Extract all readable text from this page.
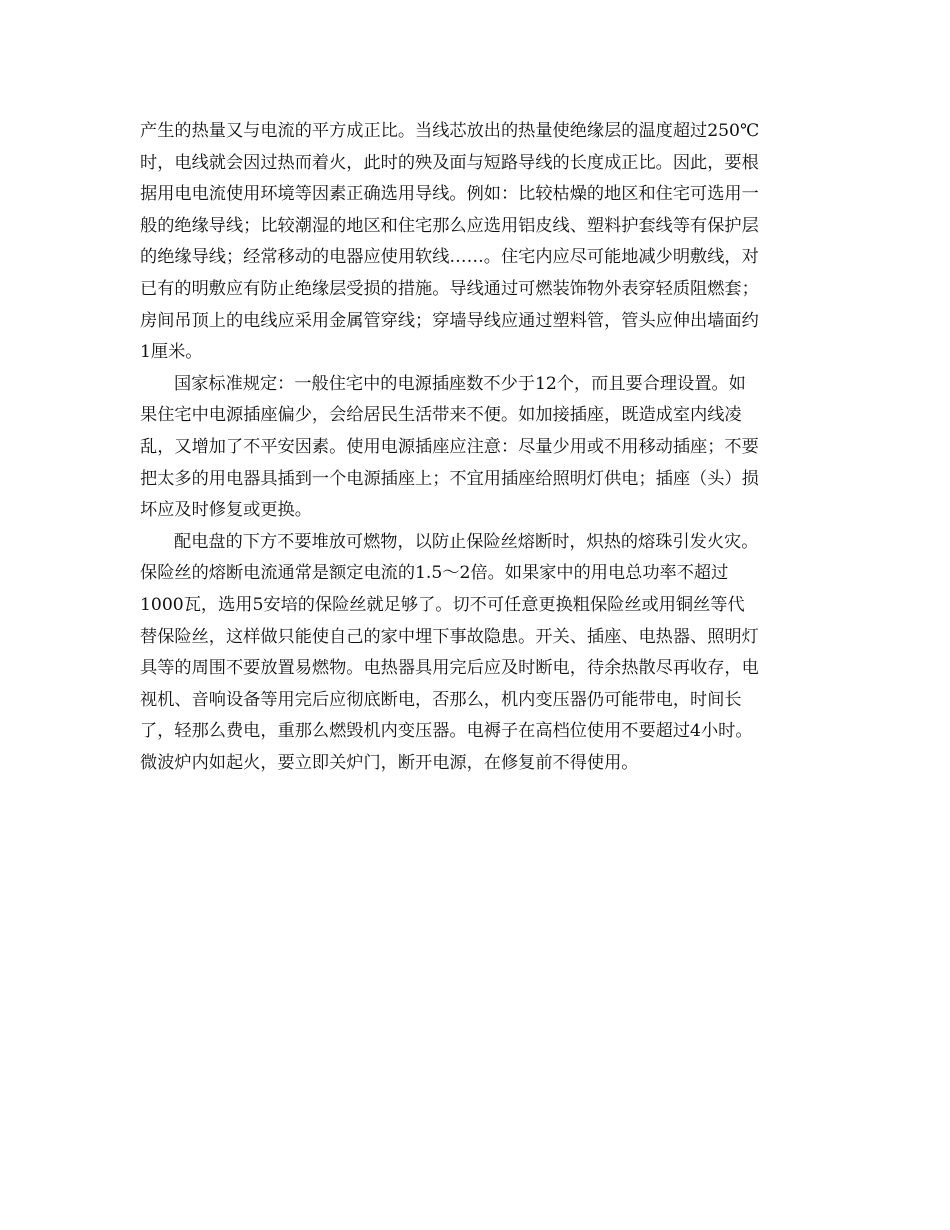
产生的热量又与电流的平方成正比。当线芯放出的热量使绝缘层的温度超过250℃
时，电线就会因过热而着火，此时的殃及面与短路导线的长度成正比。因此，要根
据用电电流使用环境等因素正确选用导线。例如：比较枯燥的地区和住宅可选用一
般的绝缘导线；比较潮湿的地区和住宅那么应选用铝皮线、塑料护套线等有保护层
的绝缘导线；经常移动的电器应使用软线……。住宅内应尽可能地减少明敷线，对
已有的明敷应有防止绝缘层受损的措施。导线通过可燃装饰物外表穿轻质阻燃套；
房间吊顶上的电线应采用金属管穿线；穿墙导线应通过塑料管，管头应伸出墙面约
1厘米。
国家标准规定：一般住宅中的电源插座数不少于12个，而且要合理设置。如
果住宅中电源插座偏少，会给居民生活带来不便。如加接插座，既造成室内线凌
乱，又增加了不平安因素。使用电源插座应注意：尽量少用或不用移动插座；不要
把太多的用电器具插到一个电源插座上；不宜用插座给照明灯供电；插座（头）损
坏应及时修复或更换。
配电盘的下方不要堆放可燃物，以防止保险丝熔断时，炽热的熔珠引发火灾。
保险丝的熔断电流通常是额定电流的1.5～2倍。如果家中的用电总功率不超过
1000瓦，选用5安培的保险丝就足够了。切不可任意更换粗保险丝或用铜丝等代
替保险丝，这样做只能使自己的家中埋下事故隐患。开关、插座、电热器、照明灯
具等的周围不要放置易燃物。电热器具用完后应及时断电，待余热散尽再收存，电
视机、音响设备等用完后应彻底断电，否那么，机内变压器仍可能带电，时间长
了，轻那么费电，重那么燃毁机内变压器。电褥子在高档位使用不要超过4小时。
微波炉内如起火，要立即关炉门，断开电源，在修复前不得使用。
